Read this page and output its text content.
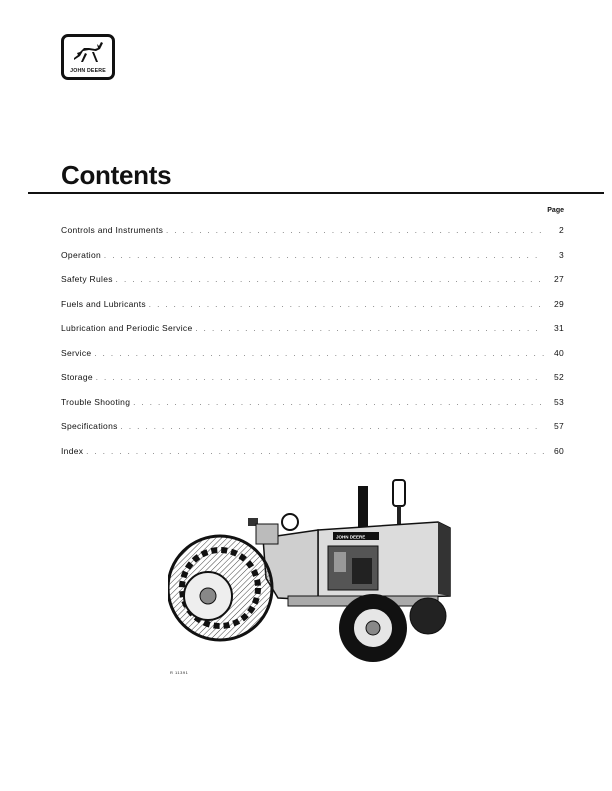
JOHN DEERE
Contents
Page
Controls and Instruments . . .	2
Operation . . .	3
Safety Rules . . .	27
Fuels and Lubricants . . .	29
Lubrication and Periodic Service . . .	31
Service . . .	40
Storage . . .	52
Trouble Shooting . . .	53
Specifications . . .	57
Index . . .	60
JOHN DEERE
R 11391
